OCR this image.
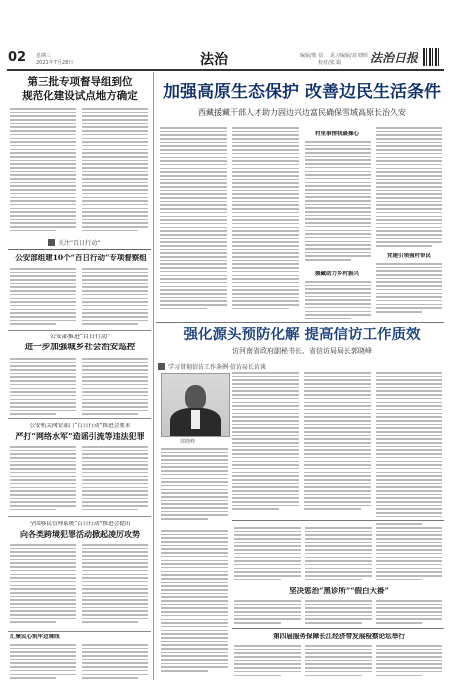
02 星期三
2021年7月28日	法治	编辑/柴 蓓 见习编辑/刘 晓晖
校对/张 聪 法治日报
第三批专项督导组到位
规范化建设试点地方确定
关注“百日行动”
公安部组建10个“百日行动”专项督察组
公安部推进“百日行动”
进一步加强城乡社会治安巡控
公安机关网安部门“百日行动”推进会要求
严打“网络水军”造谣引流等违法犯罪
全国移民管理系统“百日行动”推进会提出
向各类跨境犯罪活动掀起凌厉攻势
汇聚民心筑牢边境线
加强高原生态保护 改善边民生活条件
西藏援藏干部人才助力固边兴边富民确保雪域高原长治久安
村里事情我最操心
援藏助力乡村振兴
党建引领强村带民
强化源头预防化解 提高信访工作质效
访河南省政府副秘书长、省信访局局长郭晓峰
学习贯彻信访工作条例·信访局长访谈
郭晓峰
坚决惩治“黑诊所”“假白大褂”
第四届服务保障长江经济带发展检察论坛举行
